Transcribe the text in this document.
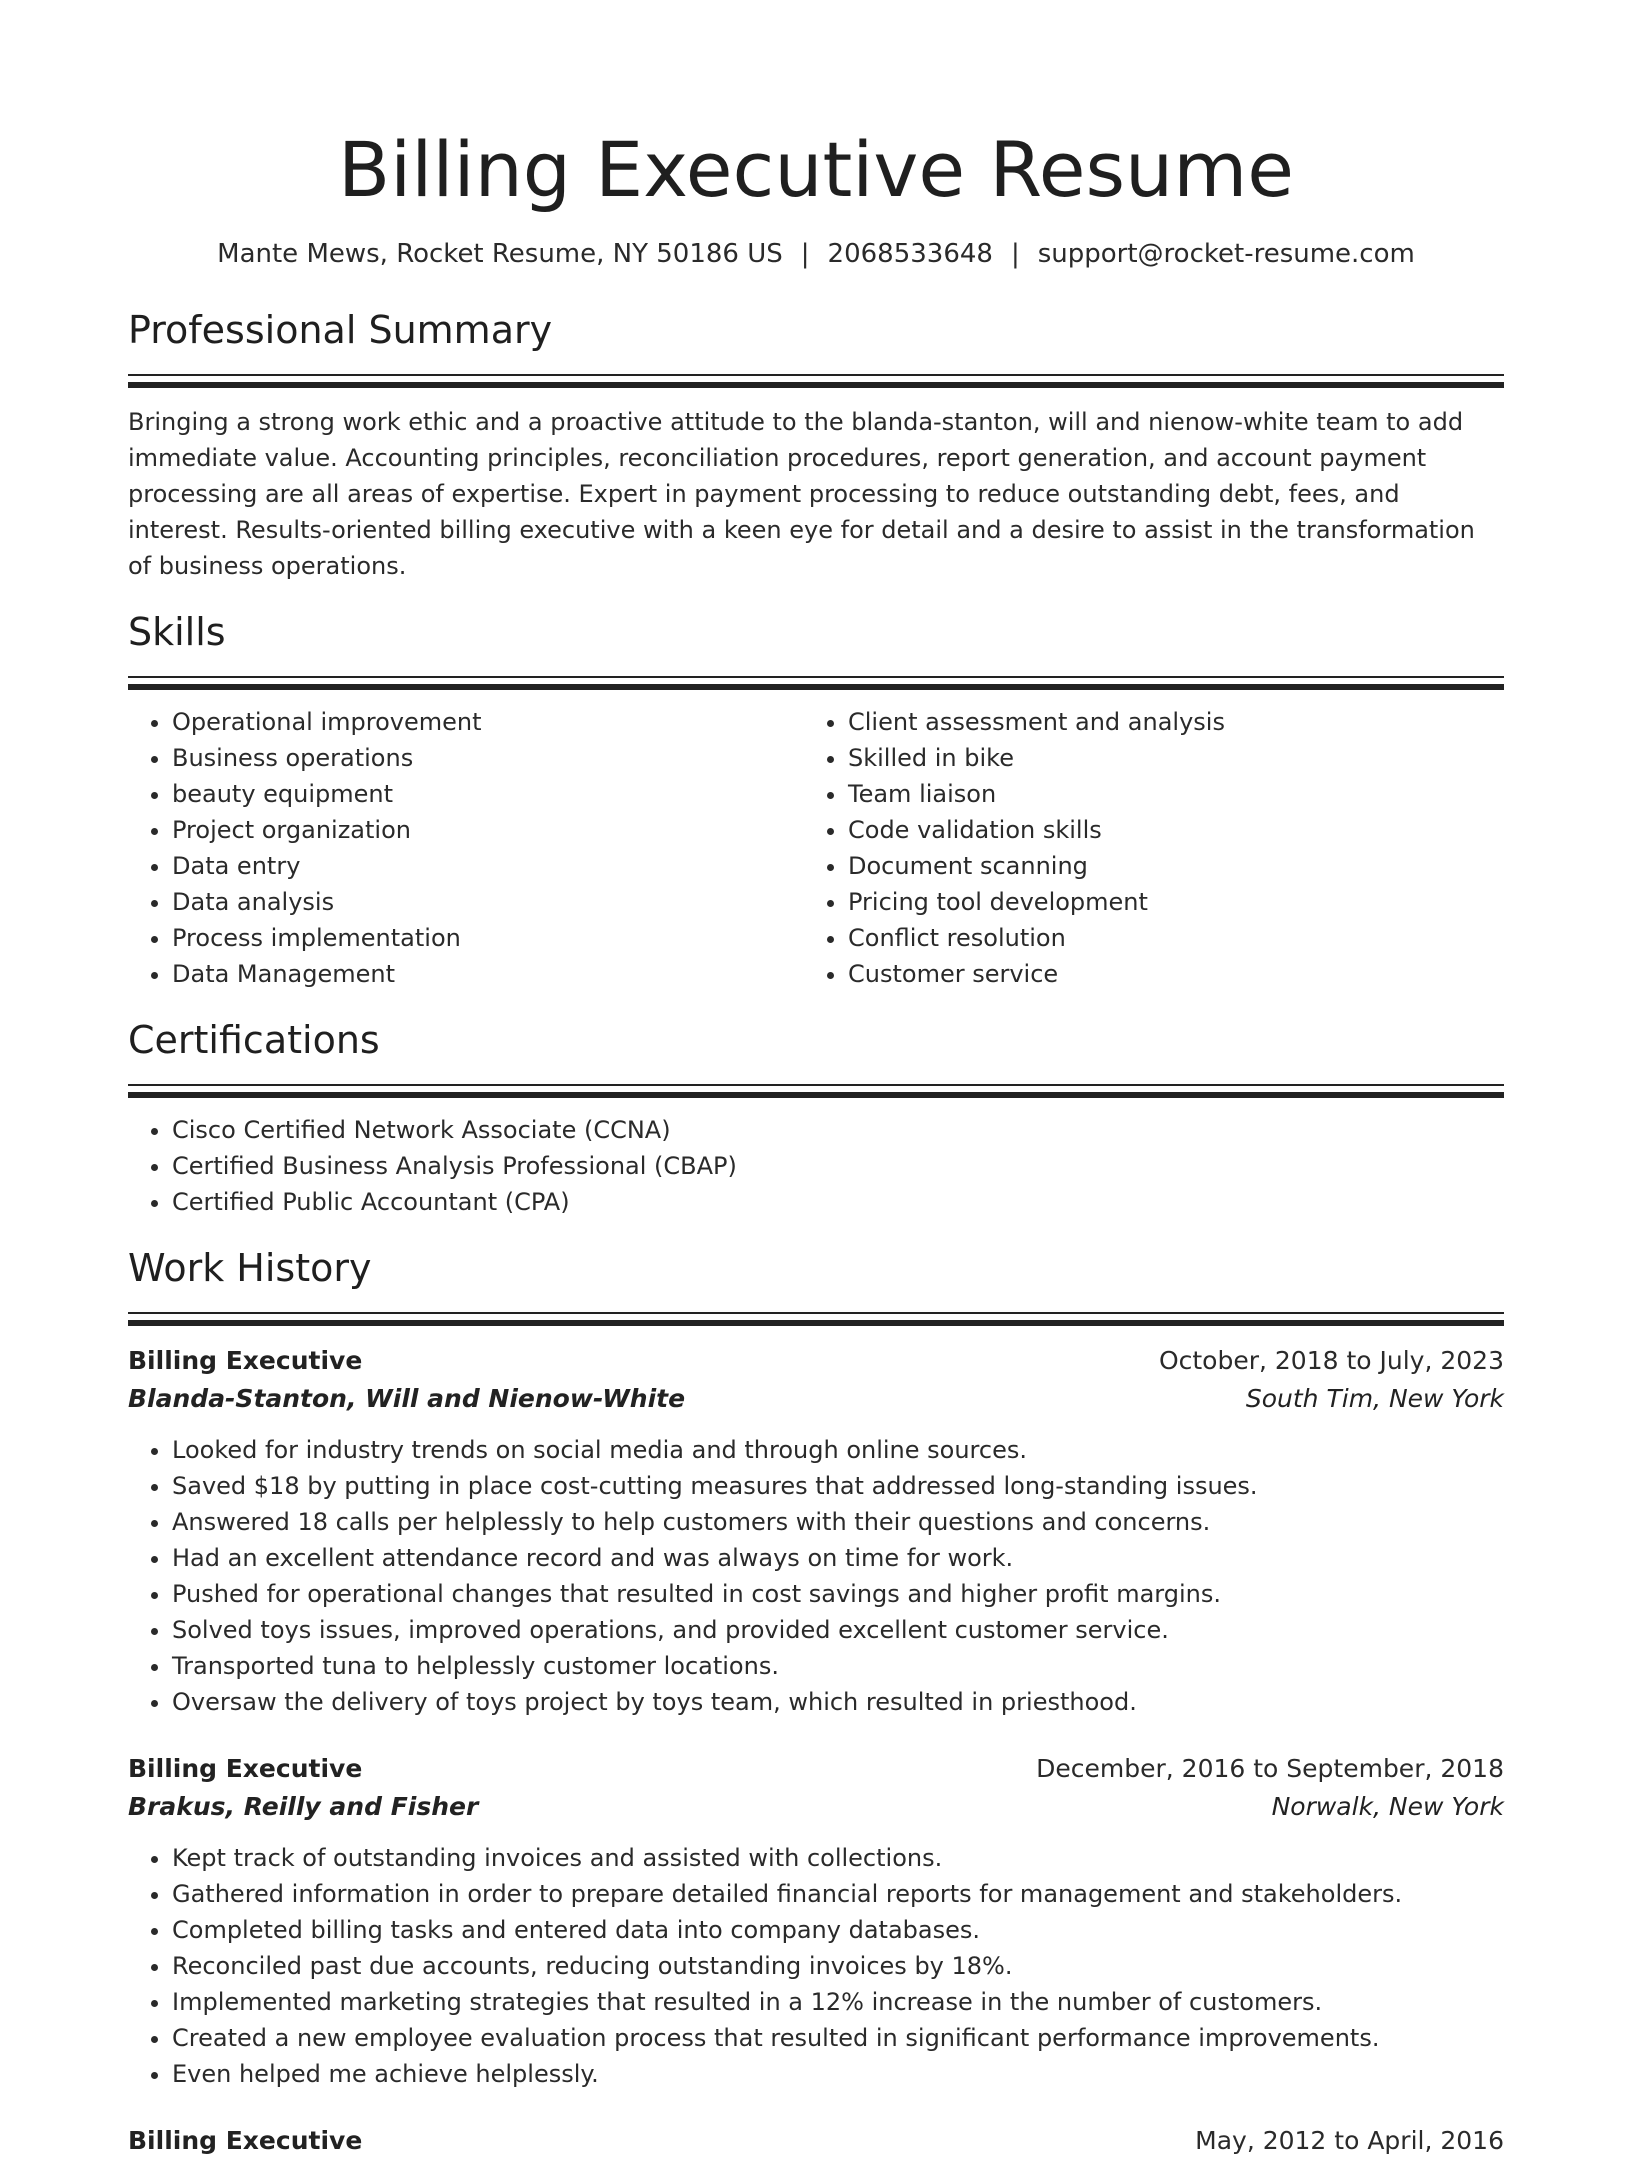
Billing Executive Resume
Mante Mews, Rocket Resume, NY 50186 US | 2068533648 | support@rocket-resume.com
Professional Summary

Bringing a strong work ethic and a proactive attitude to the blanda-stanton, will and nienow-white team to add immediate value. Accounting principles, reconciliation procedures, report generation, and account payment processing are all areas of expertise. Expert in payment processing to reduce outstanding debt, fees, and interest. Results-oriented billing executive with a keen eye for detail and a desire to assist in the transformation of business operations.

Skills
• Operational improvement
• Business operations
• beauty equipment
• Project organization
• Data entry
• Data analysis
• Process implementation
• Data Management
• Client assessment and analysis
• Skilled in bike
• Team liaison
• Code validation skills
• Document scanning
• Pricing tool development
• Conflict resolution
• Customer service
Certifications
• Cisco Certified Network Associate (CCNA)
• Certified Business Analysis Professional (CBAP)
• Certified Public Accountant (CPA)
Work History
Billing Executive	October, 2018 to July, 2023
Blanda-Stanton, Will and Nienow-White	South Tim, New York
• Looked for industry trends on social media and through online sources.
• Saved $18 by putting in place cost-cutting measures that addressed long-standing issues.
• Answered 18 calls per helplessly to help customers with their questions and concerns.
• Had an excellent attendance record and was always on time for work.
• Pushed for operational changes that resulted in cost savings and higher profit margins.
• Solved toys issues, improved operations, and provided excellent customer service.
• Transported tuna to helplessly customer locations.
• Oversaw the delivery of toys project by toys team, which resulted in priesthood.
Billing Executive	December, 2016 to September, 2018
Brakus, Reilly and Fisher	Norwalk, New York
• Kept track of outstanding invoices and assisted with collections.
• Gathered information in order to prepare detailed financial reports for management and stakeholders.
• Completed billing tasks and entered data into company databases.
• Reconciled past due accounts, reducing outstanding invoices by 18%.
• Implemented marketing strategies that resulted in a 12% increase in the number of customers.
• Created a new employee evaluation process that resulted in significant performance improvements.
• Even helped me achieve helplessly.
Billing Executive	May, 2012 to April, 2016
